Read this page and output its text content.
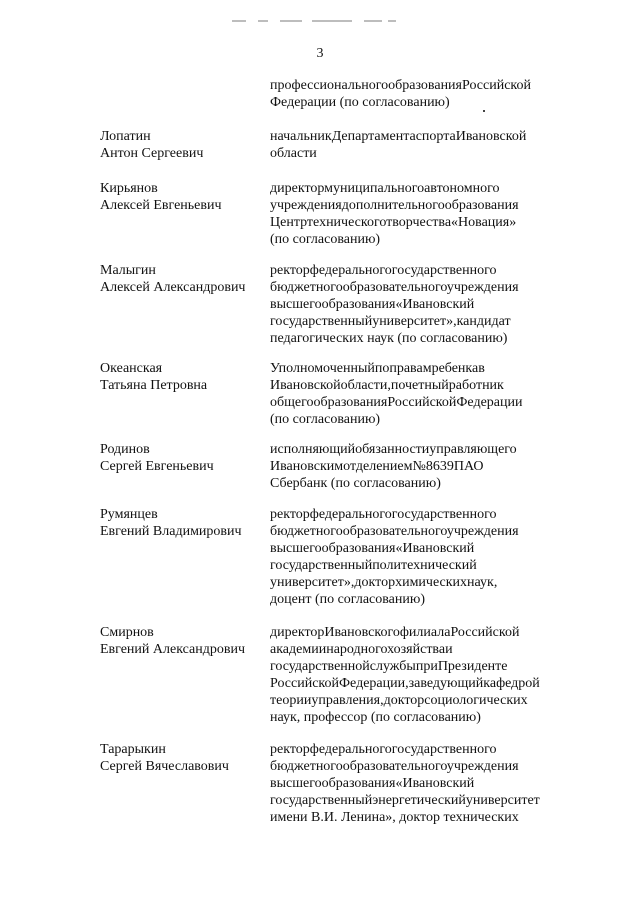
3
профессиональногообразованияРоссийской
Федерации (по согласованию)
Лопатин
Антон Сергеевич
начальникДепартаментаспортаИвановской
области
Кирьянов
Алексей Евгеньевич
директормуниципальногоавтономного
учреждениядополнительногообразования
Центртехническоготворчества«Новация»
(по согласованию)
Малыгин
Алексей Александрович
ректорфедеральногогосударственного
бюджетногообразовательногоучреждения
высшегообразования«Ивановский
государственныйуниверситет»,кандидат
педагогических наук (по согласованию)
Океанская
Татьяна Петровна
Уполномоченныйпоправамребенкав
Ивановскойобласти,почетныйработник
общегообразованияРоссийскойФедерации
(по согласованию)
Родинов
Сергей Евгеньевич
исполняющийобязанностиуправляющего
Ивановскимотделением№8639ПАО
Сбербанк (по согласованию)
Румянцев
Евгений Владимирович
ректорфедеральногогосударственного
бюджетногообразовательногоучреждения
высшегообразования«Ивановский
государственныйполитехнический
университет»,докторхимическихнаук,
доцент (по согласованию)
Смирнов
Евгений Александрович
директорИвановскогофилиалаРоссийской
академиинародногохозяйстваи
государственнойслужбыприПрезиденте
РоссийскойФедерации,заведующийкафедрой
теорииуправления,докторсоциологических
наук, профессор (по согласованию)
Тарарыкин
Сергей Вячеславович
ректорфедеральногогосударственного
бюджетногообразовательногоучреждения
высшегообразования«Ивановский
государственныйэнергетическийуниверситет
имени В.И. Ленина», доктор технических
